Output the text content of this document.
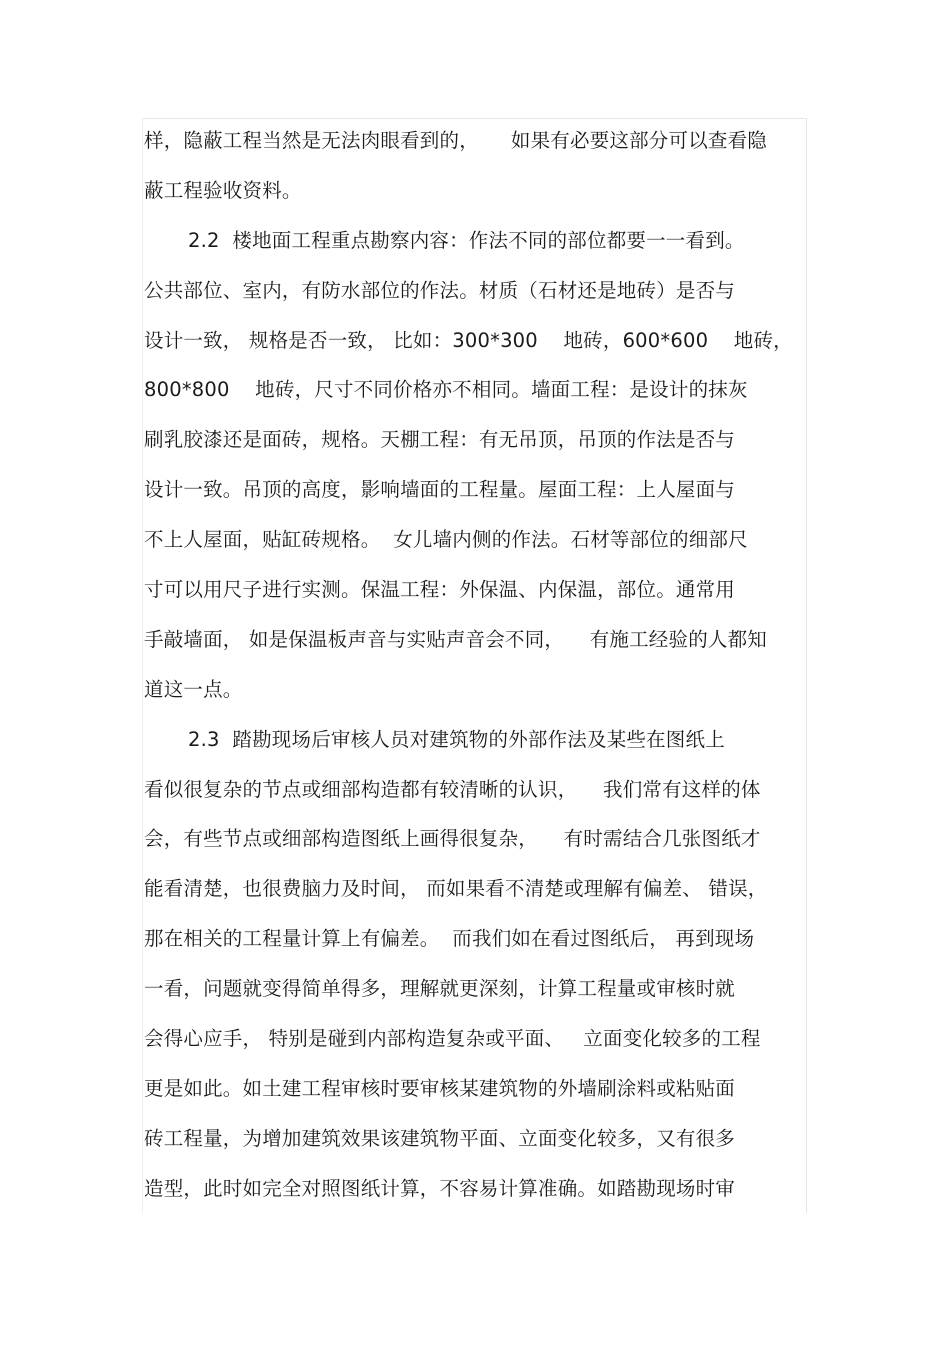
样，隐蔽工程当然是无法肉眼看到的，     如果有必要这部分可以查看隐
蔽工程验收资料。
2.2  楼地面工程重点勘察内容：作法不同的部位都要一一看到。
公共部位、室内，有防水部位的作法。材质（石材还是地砖）是否与
设计一致， 规格是否一致， 比如：300*300    地砖，600*600    地砖，
800*800    地砖，尺寸不同价格亦不相同。墙面工程：是设计的抹灰
刷乳胶漆还是面砖，规格。天棚工程：有无吊顶，吊顶的作法是否与
设计一致。吊顶的高度，影响墙面的工程量。屋面工程：上人屋面与
不上人屋面，贴缸砖规格。  女儿墙内侧的作法。石材等部位的细部尺
寸可以用尺子进行实测。保温工程：外保温、内保温，部位。通常用
手敲墙面， 如是保温板声音与实贴声音会不同，    有施工经验的人都知
道这一点。
2.3  踏勘现场后审核人员对建筑物的外部作法及某些在图纸上
看似很复杂的节点或细部构造都有较清晰的认识，    我们常有这样的体
会，有些节点或细部构造图纸上画得很复杂，    有时需结合几张图纸才
能看清楚，也很费脑力及时间， 而如果看不清楚或理解有偏差、 错误，
那在相关的工程量计算上有偏差。  而我们如在看过图纸后， 再到现场
一看，问题就变得简单得多，理解就更深刻，计算工程量或审核时就
会得心应手， 特别是碰到内部构造复杂或平面、   立面变化较多的工程
更是如此。如土建工程审核时要审核某建筑物的外墙刷涂料或粘贴面
砖工程量，为增加建筑效果该建筑物平面、立面变化较多，又有很多
造型，此时如完全对照图纸计算，不容易计算准确。如踏勘现场时审
